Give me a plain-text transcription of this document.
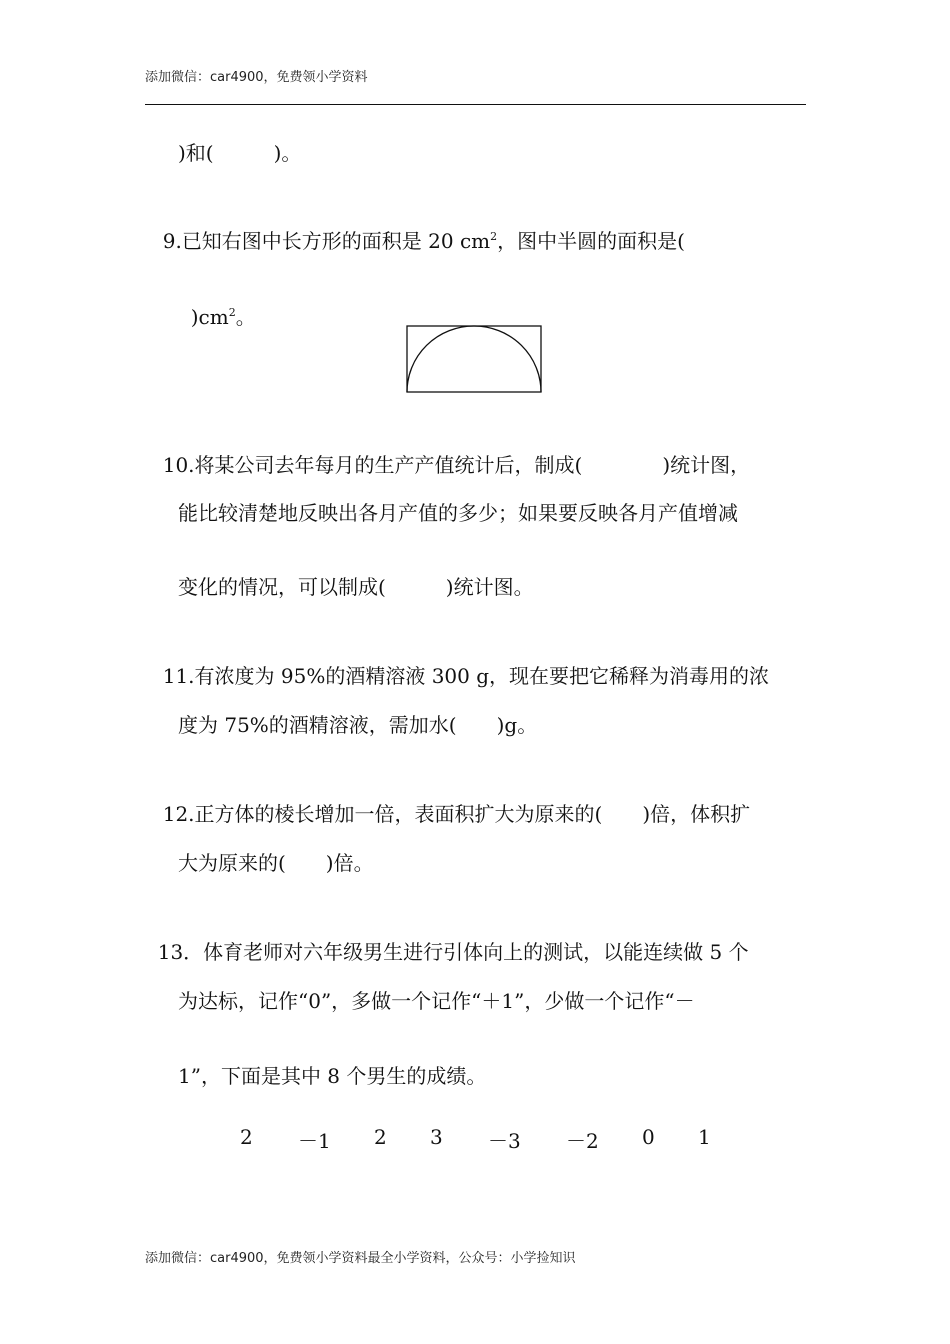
添加微信：car4900，免费领小学资料
)和(　　　)。

9.已知右图中长方形的面积是 20 $cm^2$，图中半圆的面积是(

)$cm^2$。

10.将某公司去年每月的生产产值统计后，制成(　　　　)统计图，

能比较清楚地反映出各月产值的多少；如果要反映各月产值增减
变化的情况，可以制成(　　　)统计图。

11.有浓度为 95%的酒精溶液 300 g，现在要把它稀释为消毒用的浓

度为 75%的酒精溶液，需加水(　　)g。

12.正方体的棱长增加一倍，表面积扩大为原来的(　　)倍，体积扩

大为原来的(　　)倍。

13．体育老师对六年级男生进行引体向上的测试，以能连续做 5 个

为达标，记作“0”，多做一个记作“＋1”，少做一个记作“－
1”，下面是其中 8 个男生的成绩。
2 －1 2 3 －3 －2 0 1
添加微信：car4900，免费领小学资料最全小学资料，公众号：小学捡知识
